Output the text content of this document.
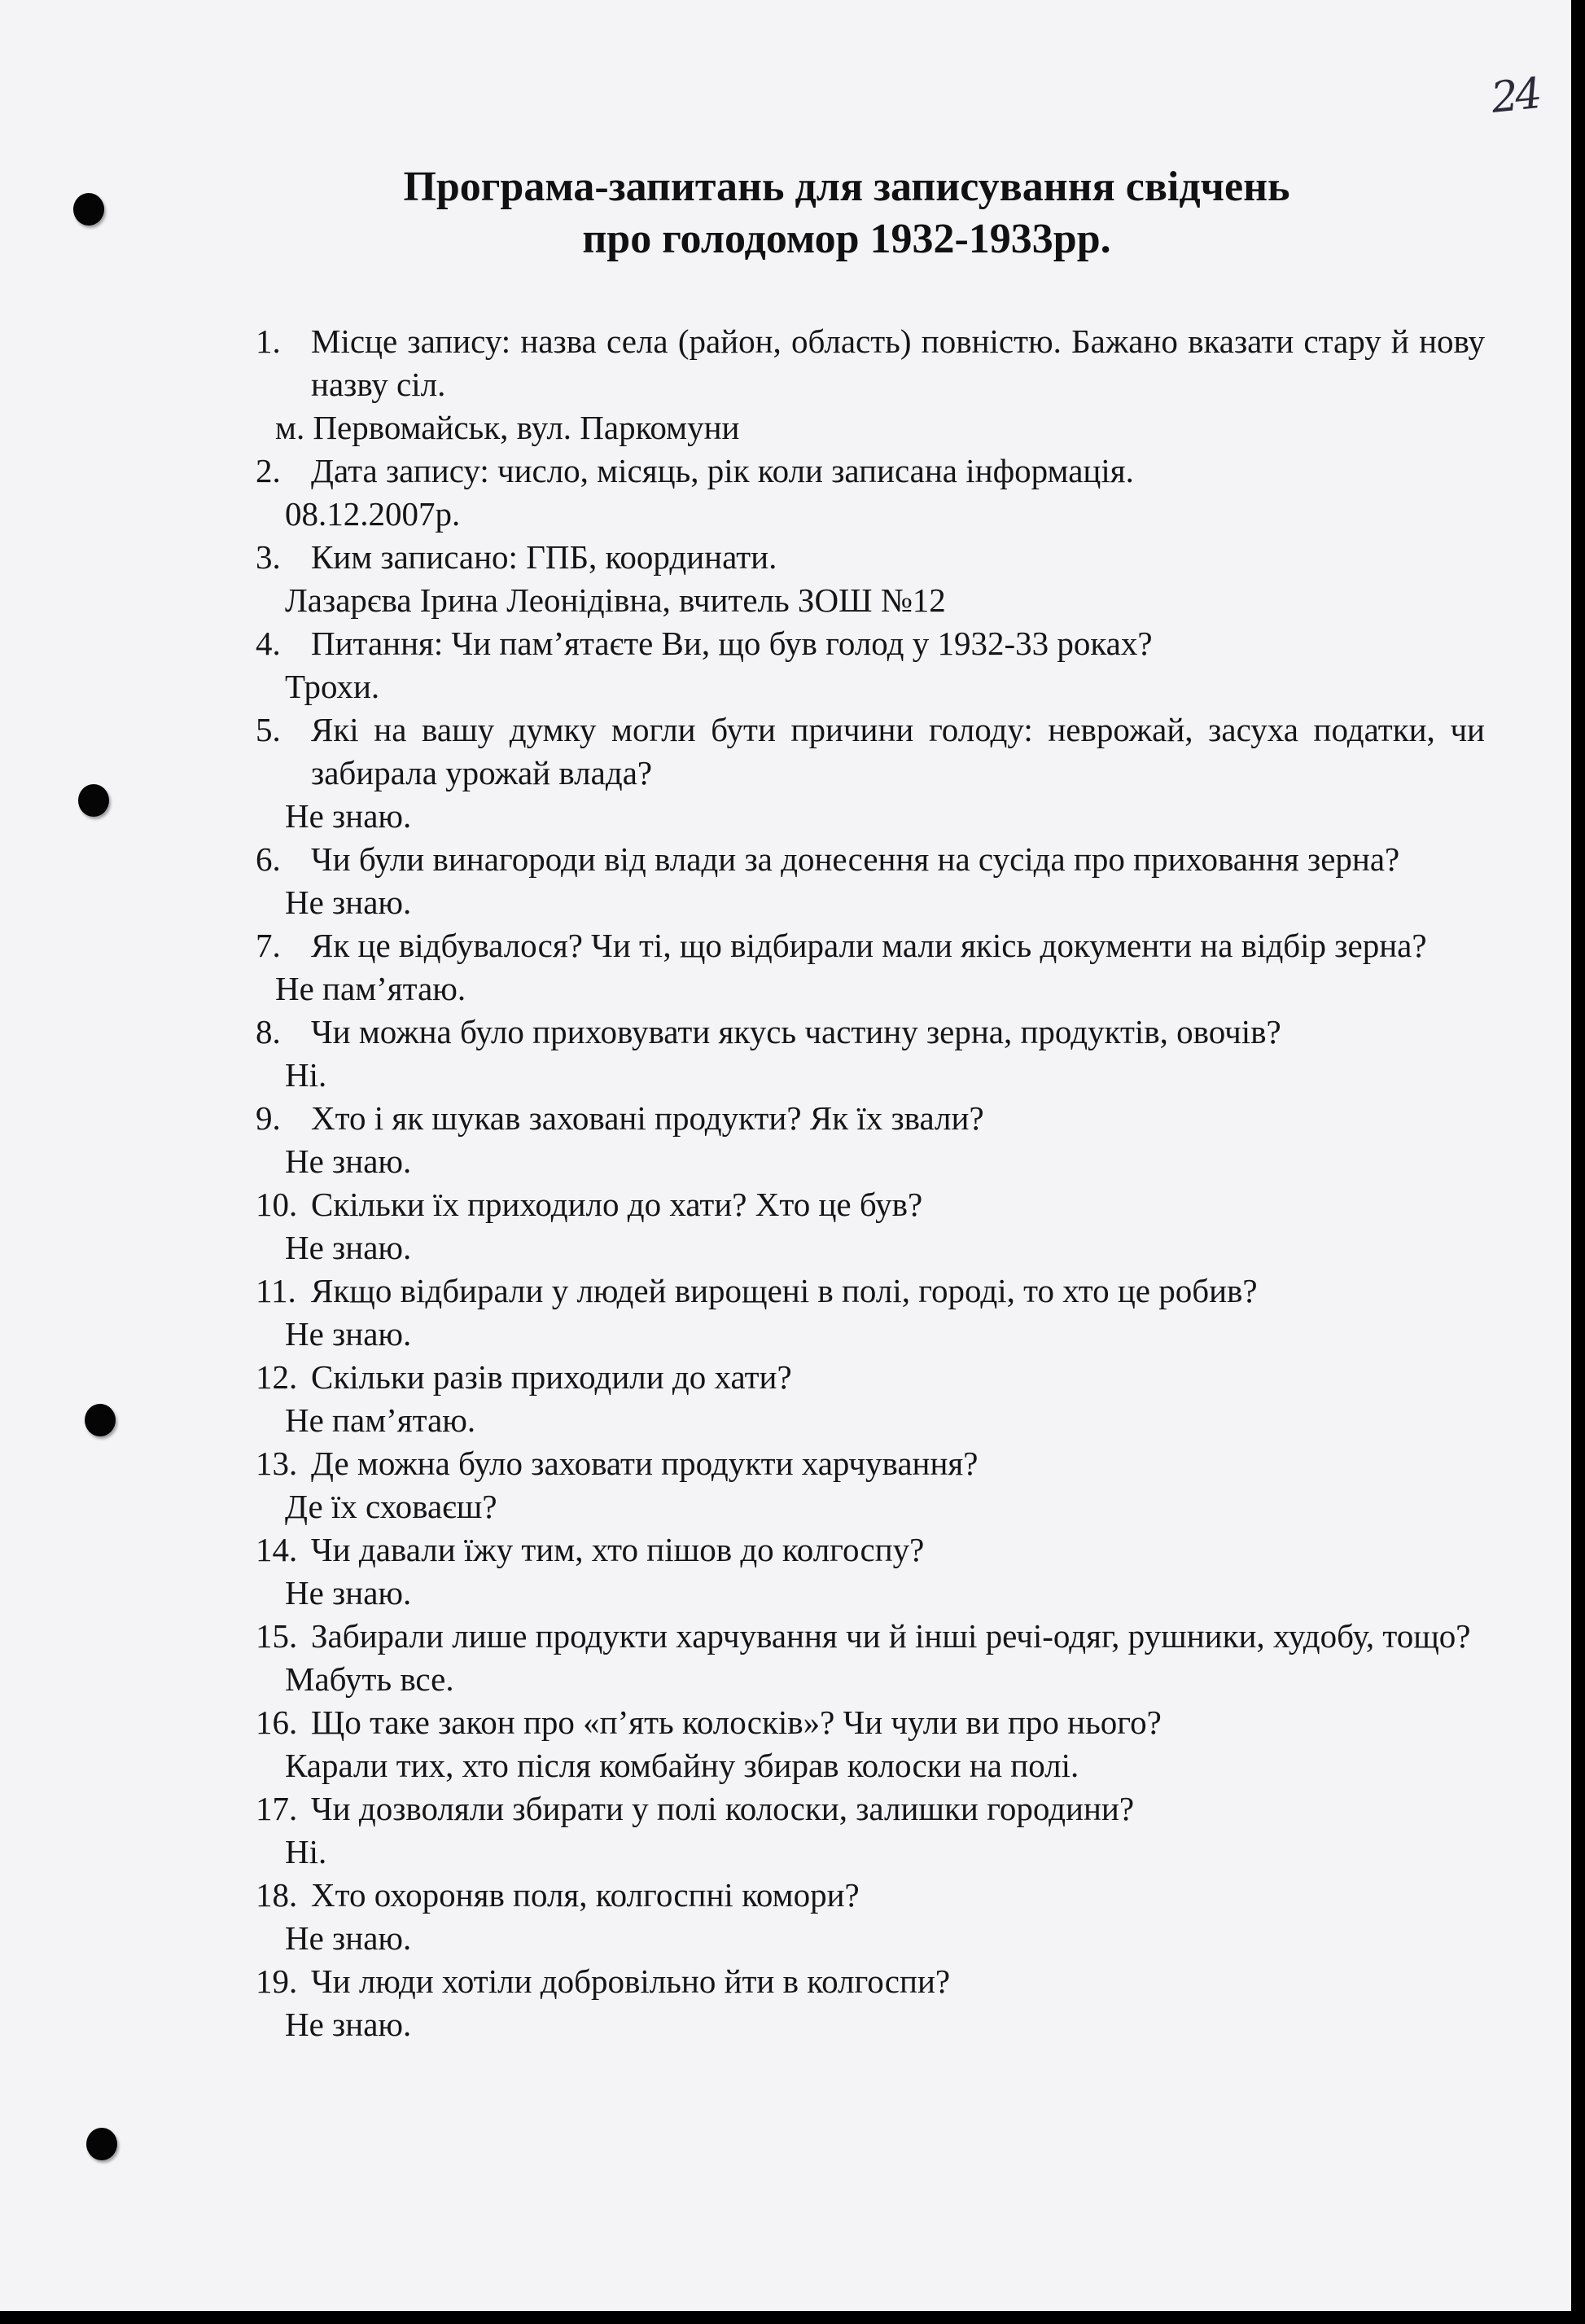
24
Програма-запитань для записування свідчень
про голодомор 1932-1933рр.
1. Місце запису: назва села (район, область) повністю. Бажано вказати стару й нову назву сіл.
м. Первомайськ, вул. Паркомуни
2. Дата запису: число, місяць, рік коли записана інформація.
08.12.2007р.
3. Ким записано: ГПБ, координати.
Лазарєва Ірина Леонідівна, вчитель ЗОШ №12
4. Питання: Чи пам’ятаєте Ви, що був голод у 1932-33 роках?
Трохи.
5. Які на вашу думку могли бути причини голоду: неврожай, засуха податки, чи забирала урожай влада?
Не знаю.
6. Чи були винагороди від влади за донесення на сусіда про приховання зерна?
Не знаю.
7. Як це відбувалося? Чи ті, що відбирали мали якісь документи на відбір зерна?
Не пам’ятаю.
8. Чи можна було приховувати якусь частину зерна, продуктів, овочів?
Ні.
9. Хто і як шукав заховані продукти? Як їх звали?
Не знаю.
10. Скільки їх приходило до хати? Хто це був?
Не знаю.
11. Якщо відбирали у людей вирощені в полі, городі, то хто це робив?
Не знаю.
12. Скільки разів приходили до хати?
Не пам’ятаю.
13. Де можна було заховати продукти харчування?
Де їх сховаєш?
14. Чи давали їжу тим, хто пішов до колгоспу?
Не знаю.
15. Забирали лише продукти харчування чи й інші речі-одяг, рушники, худобу, тощо?
Мабуть все.
16. Що таке закон про «п’ять колосків»? Чи чули ви про нього?
Карали тих, хто після комбайну збирав колоски на полі.
17. Чи дозволяли збирати у полі колоски, залишки городини?
Ні.
18. Хто охороняв поля, колгоспні комори?
Не знаю.
19. Чи люди хотіли добровільно йти в колгоспи?
Не знаю.
